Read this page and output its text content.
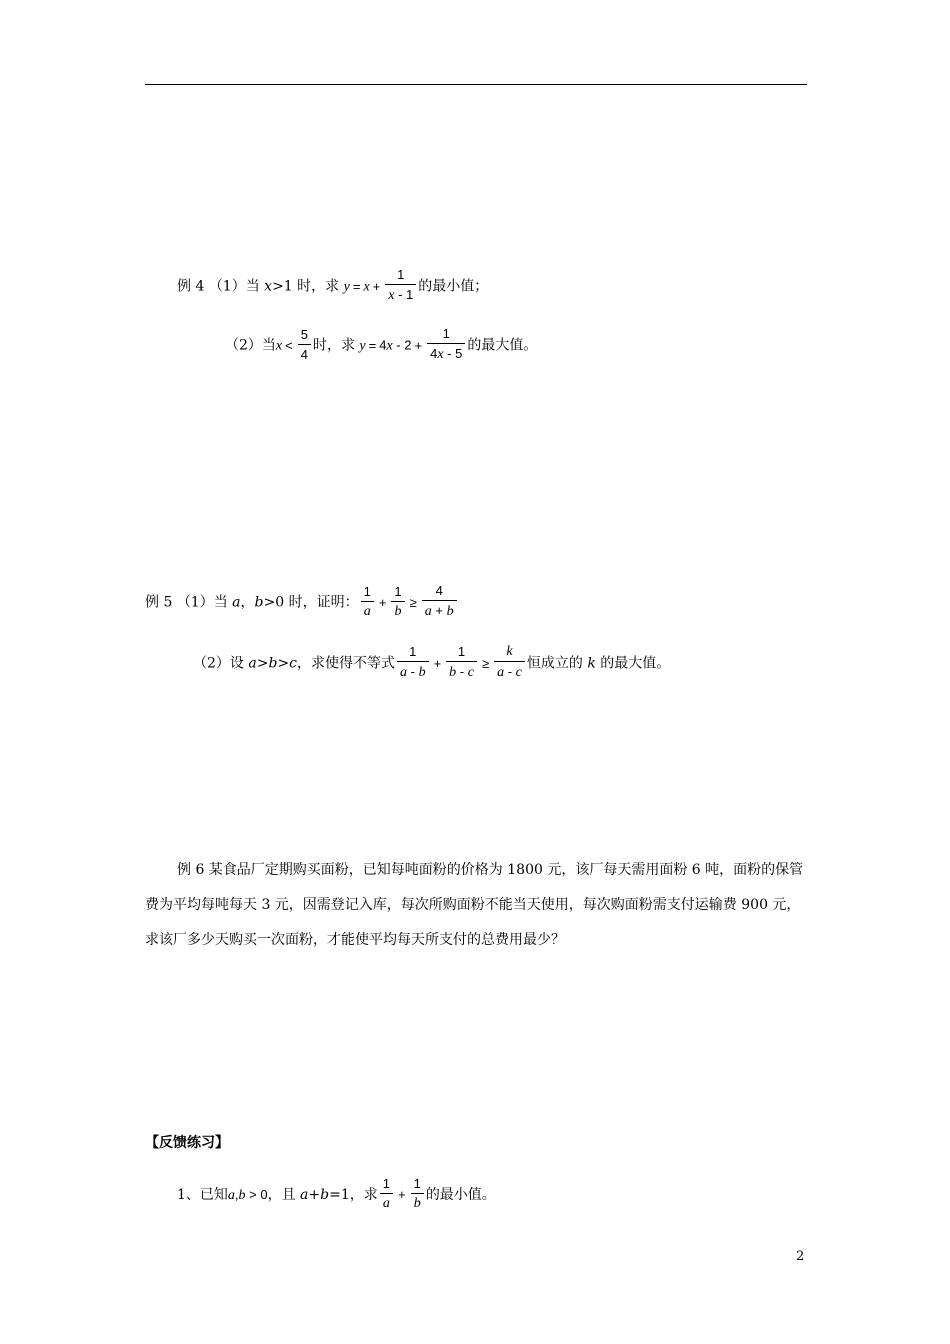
例 4 （1）当 x>1 时，求 $y = x + \frac{1}{x - 1}$ 的最小值；
（2）当$x < \frac{5}{4}$ 时，求 $y = 4x - 2 + \frac{1}{4x - 5}$ 的最大值。
例 5 （1）当 a，b>0 时，证明： $\frac{1}{a} + \frac{1}{b} \ge \frac{4}{a + b}$
（2）设 a>b>c，求使得不等式 $\frac{1}{a - b} + \frac{1}{b - c} \ge \frac{k}{a - c}$ 恒成立的 k 的最大值。
例 6 某食品厂定期购买面粉，已知每吨面粉的价格为 1800 元，该厂每天需用面粉 6 吨，面粉的保管费为平均每吨每天 3 元，因需登记入库，每次所购面粉不能当天使用，每次购面粉需支付运输费 900 元，求该厂多少天购买一次面粉，才能使平均每天所支付的总费用最少？
【反馈练习】
1、已知a,b > 0，且 a+b=1，求 $\frac{1}{a} + \frac{1}{b}$ 的最小值。
2
